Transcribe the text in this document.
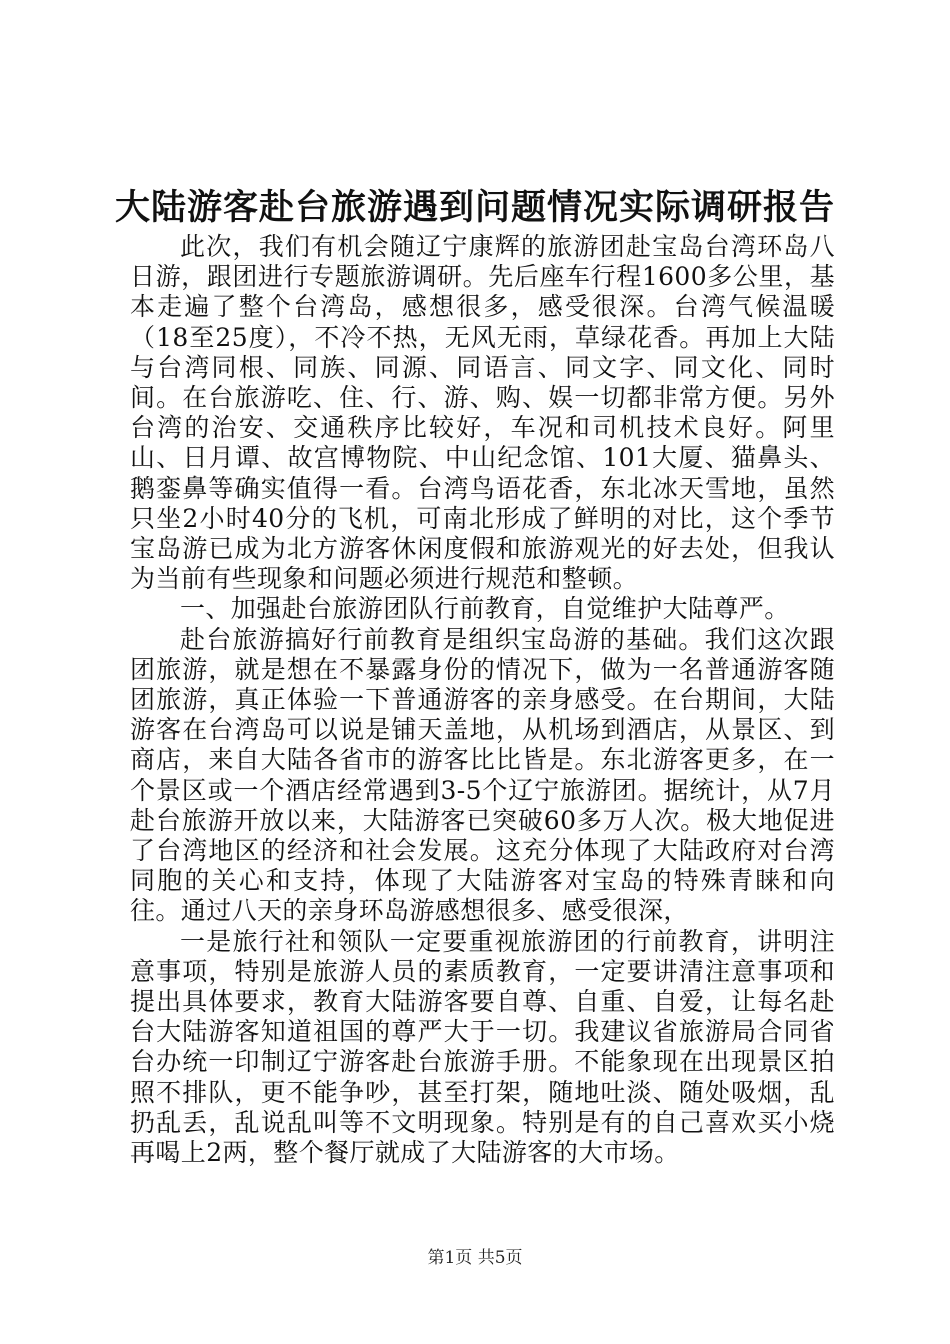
大陆游客赴台旅游遇到问题情况实际调研报告

此次，我们有机会随辽宁康辉的旅游团赴宝岛台湾环岛八日游，跟团进行专题旅游调研。先后座车行程1600多公里，基本走遍了整个台湾岛，感想很多，感受很深。台湾气候温暖（18至25度），不冷不热，无风无雨，草绿花香。再加上大陆与台湾同根、同族、同源、同语言、同文字、同文化、同时间。在台旅游吃、住、行、游、购、娱一切都非常方便。另外台湾的治安、交通秩序比较好，车况和司机技术良好。阿里山、日月谭、故宫博物院、中山纪念馆、101大厦、猫鼻头、鹅銮鼻等确实值得一看。台湾鸟语花香，东北冰天雪地，虽然只坐2小时40分的飞机，可南北形成了鲜明的对比，这个季节宝岛游已成为北方游客休闲度假和旅游观光的好去处，但我认为当前有些现象和问题必须进行规范和整顿。

一、加强赴台旅游团队行前教育，自觉维护大陆尊严。

赴台旅游搞好行前教育是组织宝岛游的基础。我们这次跟团旅游，就是想在不暴露身份的情况下，做为一名普通游客随团旅游，真正体验一下普通游客的亲身感受。在台期间，大陆游客在台湾岛可以说是铺天盖地，从机场到酒店，从景区、到商店，来自大陆各省市的游客比比皆是。东北游客更多，在一个景区或一个酒店经常遇到3-5个辽宁旅游团。据统计，从7月赴台旅游开放以来，大陆游客已突破60多万人次。极大地促进了台湾地区的经济和社会发展。这充分体现了大陆政府对台湾同胞的关心和支持，体现了大陆游客对宝岛的特殊青睐和向往。通过八天的亲身环岛游感想很多、感受很深，

一是旅行社和领队一定要重视旅游团的行前教育，讲明注意事项，特别是旅游人员的素质教育，一定要讲清注意事项和提出具体要求，教育大陆游客要自尊、自重、自爱，让每名赴台大陆游客知道祖国的尊严大于一切。我建议省旅游局合同省台办统一印制辽宁游客赴台旅游手册。不能象现在出现景区拍照不排队，更不能争吵，甚至打架，随地吐淡、随处吸烟，乱扔乱丢，乱说乱叫等不文明现象。特别是有的自己喜欢买小烧再喝上2两，整个餐厅就成了大陆游客的大市场。

第1页 共5页
